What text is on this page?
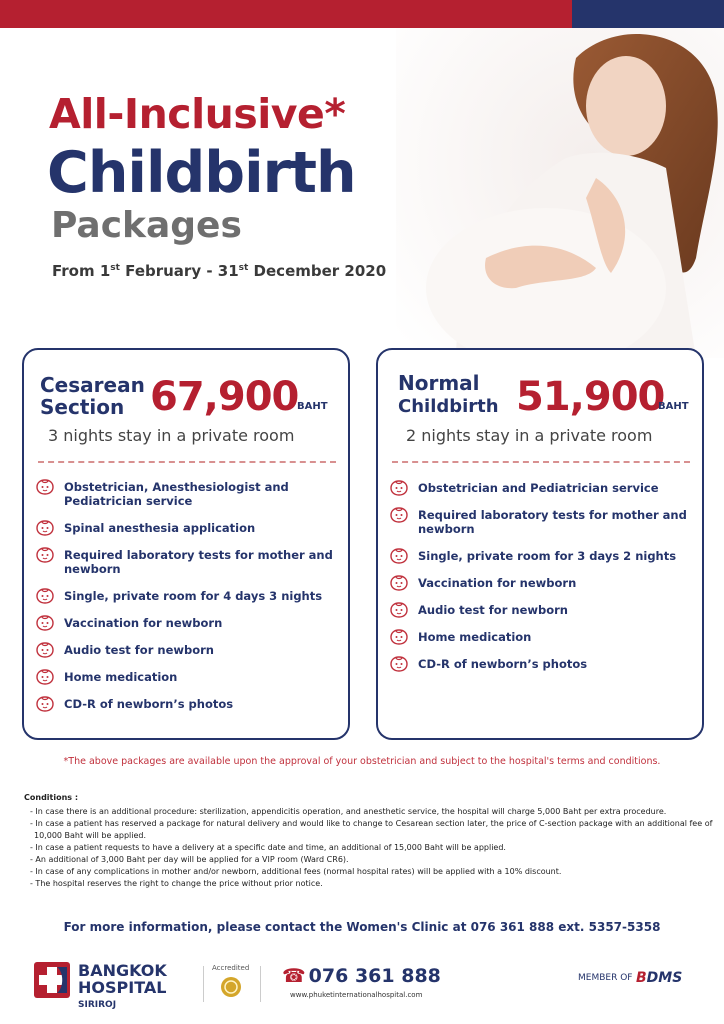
All-Inclusive*
Childbirth
Packages
From 1st February - 31st December 2020
Cesarean
Section 67,900
BAHT
3 nights stay in a private room
Obstetrician, Anesthesiologist and Pediatrician service
Spinal anesthesia application
Required laboratory tests for mother and newborn
Single, private room for 4 days 3 nights
Vaccination for newborn
Audio test for newborn
Home medication
CD-R of newborn’s photos
Normal
Childbirth 51,900
BAHT
2 nights stay in a private room
Obstetrician and Pediatrician service
Required laboratory tests for mother and newborn
Single, private room for 3 days 2 nights
Vaccination for newborn
Audio test for newborn
Home medication
CD-R of newborn’s photos
*The above packages are available upon the approval of your obstetrician and subject to the hospital's terms and conditions.
Conditions :
- In case there is an additional procedure: sterilization, appendicitis operation, and anesthetic service, the hospital will charge 5,000 Baht per extra procedure.
- In case a patient has reserved a package for natural delivery and would like to change to Cesarean section later, the price of C-section package with an additional fee of 10,000 Baht will be applied.
- In case a patient requests to have a delivery at a specific date and time, an additional of 15,000 Baht will be applied.
- An additional of 3,000 Baht per day will be applied for a VIP room (Ward CR6).
- In case of any complications in mother and/or newborn, additional fees (normal hospital rates) will be applied with a 10% discount.
- The hospital reserves the right to change the price without prior notice.
For more information, please contact the Women's Clinic at 076 361 888 ext. 5357-5358
BANGKOK
HOSPITAL
SIRIROJ
Accredited ☎ 076 361 888
www.phuketinternationalhospital.com
MEMBER OF BDMS
